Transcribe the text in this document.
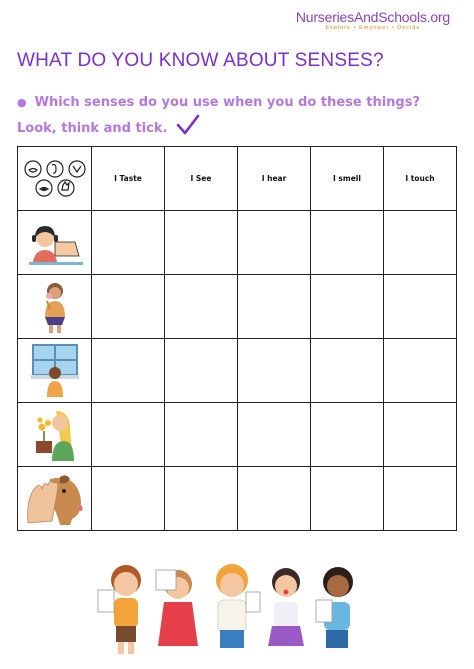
NurseriesAndSchools.org
Explore • Empower • Decide
WHAT DO YOU KNOW ABOUT SENSES?
● Which senses do you use when you do these things? Look, think and tick.
	I Taste	I See	I hear	I smell	I touch
